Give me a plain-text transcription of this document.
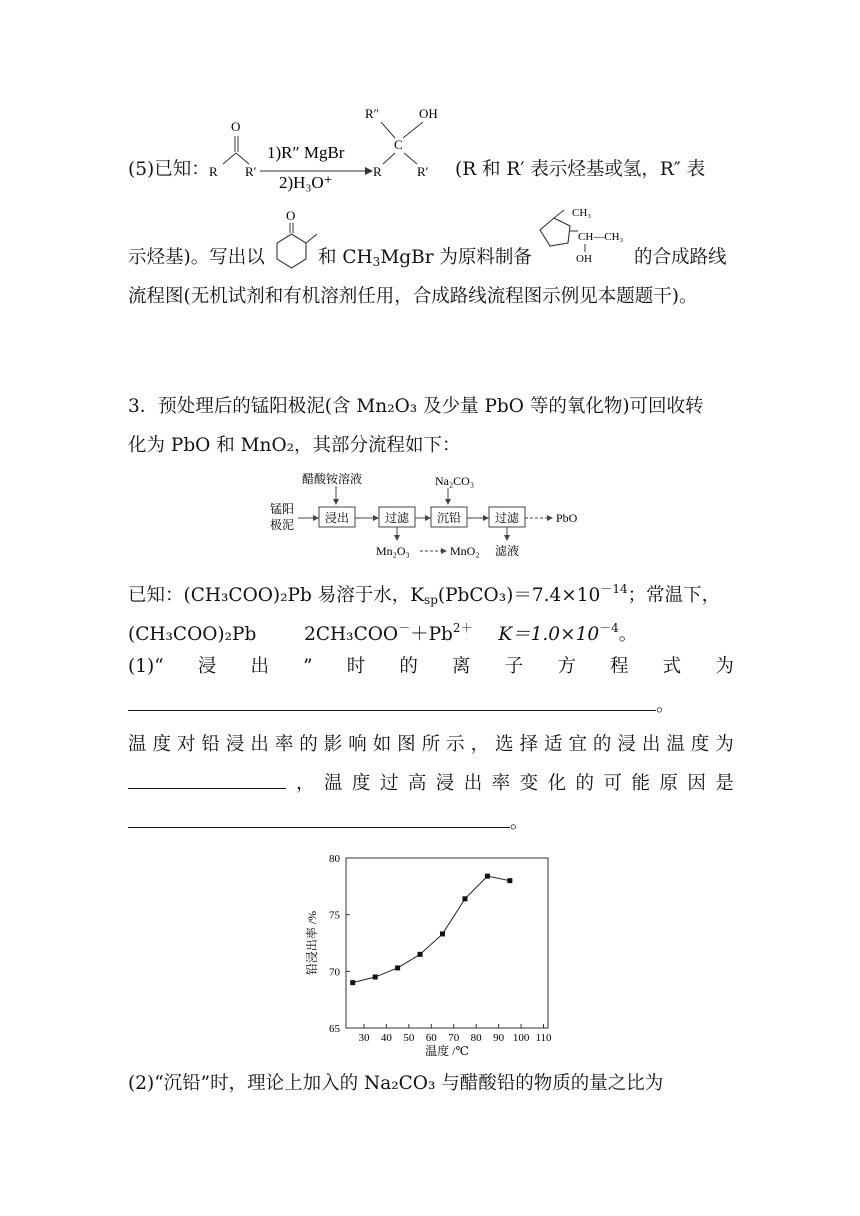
(5)已知：
O
R R′
1)R″ MgBr
2)H₃O⁺
R″	OH
C
R	R′ (R 和 R′ 表示烃基或氢，R″ 表
示烃基)。写出以
O
和 $CH_3MgBr$ 为原料制备
CH₃
CH—CH₃
OH 的合成路线
流程图(无机试剂和有机溶剂任用，合成路线流程图示例见本题题干)。
3．预处理后的锰阳极泥(含 Mn₂O₃ 及少量 PbO 等的氧化物)可回收转
化为 PbO 和 MnO₂，其部分流程如下：
锰阳
极泥
醋酸铵溶液	Na₂CO₃
浸出	过滤 沉铅	过滤	PbO
Mn₂O₃	MnO₂ 滤液
已知：(CH₃COO)₂Pb 易溶于水，$K_{sp}(PbCO_3)=7.4\times 10^{-14}$；常温下，
(CH₃COO)₂Pb	$2CH_3COO^-+Pb^{2+}$ $K=1.0\times 10^{-4}$。
(1)“ 浸 出 ” 时 的 离 子 方 程 式 为
。
温 度 对 铅 浸 出 率 的 影 响 如 图 所 示 ， 选 择 适 宜 的 浸 出 温 度 为
， 温 度 过 高 浸 出 率 变 化 的 可 能 原 因 是
。
65
70
75
80
30 40 50 60 70 80 90 100 110
温度 /℃
铅浸出率 /%
(2)“沉铅”时，理论上加入的 Na₂CO₃ 与醋酸铅的物质的量之比为
